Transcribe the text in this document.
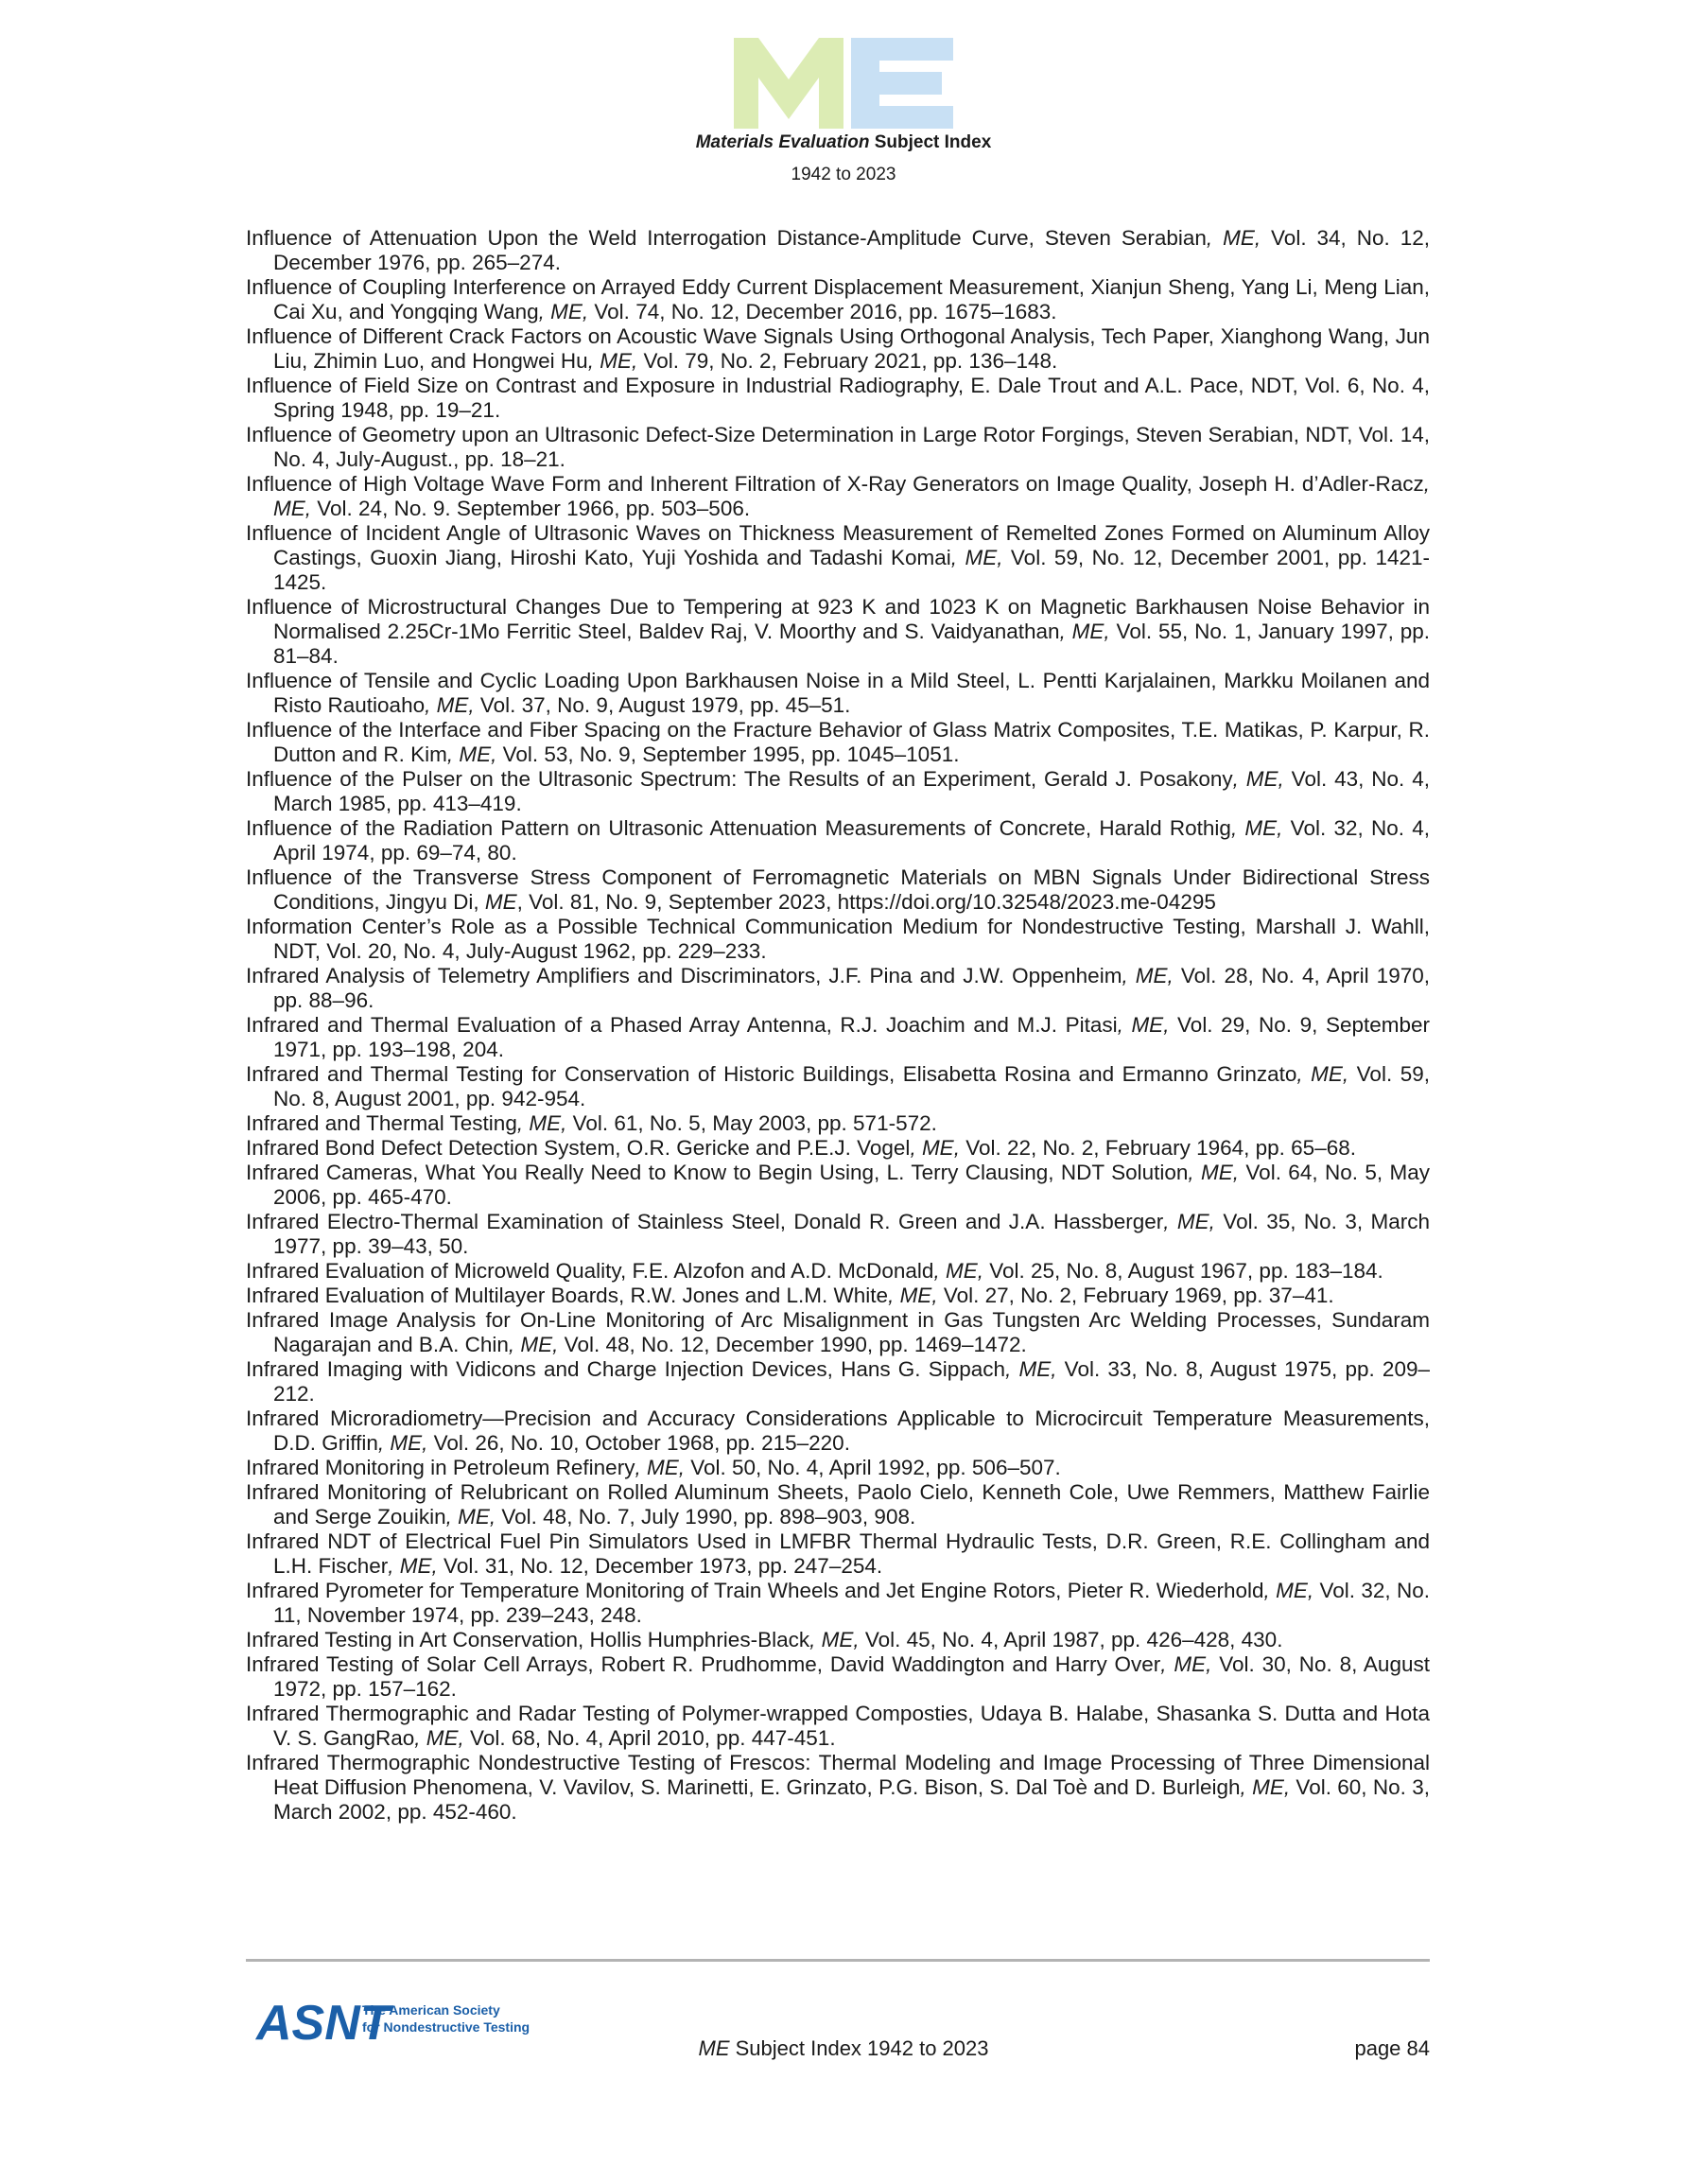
Materials Evaluation Subject Index
1942 to 2023
Influence of Attenuation Upon the Weld Interrogation Distance-Amplitude Curve, Steven Serabian, ME, Vol. 34, No. 12, December 1976, pp. 265–274.
Influence of Coupling Interference on Arrayed Eddy Current Displacement Measurement, Xianjun Sheng, Yang Li, Meng Lian, Cai Xu, and Yongqing Wang, ME, Vol. 74, No. 12, December 2016, pp. 1675–1683.
Influence of Different Crack Factors on Acoustic Wave Signals Using Orthogonal Analysis, Tech Paper, Xianghong Wang, Jun Liu, Zhimin Luo, and Hongwei Hu, ME, Vol. 79, No. 2, February 2021, pp. 136–148.
Influence of Field Size on Contrast and Exposure in Industrial Radiography, E. Dale Trout and A.L. Pace, NDT, Vol. 6, No. 4, Spring 1948, pp. 19–21.
Influence of Geometry upon an Ultrasonic Defect-Size Determination in Large Rotor Forgings, Steven Serabian, NDT, Vol. 14, No. 4, July-August., pp. 18–21.
Influence of High Voltage Wave Form and Inherent Filtration of X-Ray Generators on Image Quality, Joseph H. d’Adler-Racz, ME, Vol. 24, No. 9. September 1966, pp. 503–506.
Influence of Incident Angle of Ultrasonic Waves on Thickness Measurement of Remelted Zones Formed on Aluminum Alloy Castings, Guoxin Jiang, Hiroshi Kato, Yuji Yoshida and Tadashi Komai, ME, Vol. 59, No. 12, December 2001, pp. 1421-1425.
Influence of Microstructural Changes Due to Tempering at 923 K and 1023 K on Magnetic Barkhausen Noise Behavior in Normalised 2.25Cr-1Mo Ferritic Steel, Baldev Raj, V. Moorthy and S. Vaidyanathan, ME, Vol. 55, No. 1, January 1997, pp. 81–84.
Influence of Tensile and Cyclic Loading Upon Barkhausen Noise in a Mild Steel, L. Pentti Karjalainen, Markku Moilanen and Risto Rautioaho, ME, Vol. 37, No. 9, August 1979, pp. 45–51.
Influence of the Interface and Fiber Spacing on the Fracture Behavior of Glass Matrix Composites, T.E. Matikas, P. Karpur, R. Dutton and R. Kim, ME, Vol. 53, No. 9, September 1995, pp. 1045–1051.
Influence of the Pulser on the Ultrasonic Spectrum: The Results of an Experiment, Gerald J. Posakony, ME, Vol. 43, No. 4, March 1985, pp. 413–419.
Influence of the Radiation Pattern on Ultrasonic Attenuation Measurements of Concrete, Harald Rothig, ME, Vol. 32, No. 4, April 1974, pp. 69–74, 80.
Influence of the Transverse Stress Component of Ferromagnetic Materials on MBN Signals Under Bidirectional Stress Conditions, Jingyu Di, ME, Vol. 81, No. 9, September 2023, https://doi.org/10.32548/2023.me-04295
Information Center’s Role as a Possible Technical Communication Medium for Nondestructive Testing, Marshall J. Wahll, NDT, Vol. 20, No. 4, July-August 1962, pp. 229–233.
Infrared Analysis of Telemetry Amplifiers and Discriminators, J.F. Pina and J.W. Oppenheim, ME, Vol. 28, No. 4, April 1970, pp. 88–96.
Infrared and Thermal Evaluation of a Phased Array Antenna, R.J. Joachim and M.J. Pitasi, ME, Vol. 29, No. 9, September 1971, pp. 193–198, 204.
Infrared and Thermal Testing for Conservation of Historic Buildings, Elisabetta Rosina and Ermanno Grinzato, ME, Vol. 59, No. 8, August 2001, pp. 942-954.
Infrared and Thermal Testing, ME, Vol. 61, No. 5, May 2003, pp. 571-572.
Infrared Bond Defect Detection System, O.R. Gericke and P.E.J. Vogel, ME, Vol. 22, No. 2, February 1964, pp. 65–68.
Infrared Cameras, What You Really Need to Know to Begin Using, L. Terry Clausing, NDT Solution, ME, Vol. 64, No. 5, May 2006, pp. 465-470.
Infrared Electro-Thermal Examination of Stainless Steel, Donald R. Green and J.A. Hassberger, ME, Vol. 35, No. 3, March 1977, pp. 39–43, 50.
Infrared Evaluation of Microweld Quality, F.E. Alzofon and A.D. McDonald, ME, Vol. 25, No. 8, August 1967, pp. 183–184.
Infrared Evaluation of Multilayer Boards, R.W. Jones and L.M. White, ME, Vol. 27, No. 2, February 1969, pp. 37–41.
Infrared Image Analysis for On-Line Monitoring of Arc Misalignment in Gas Tungsten Arc Welding Processes, Sundaram Nagarajan and B.A. Chin, ME, Vol. 48, No. 12, December 1990, pp. 1469–1472.
Infrared Imaging with Vidicons and Charge Injection Devices, Hans G. Sippach, ME, Vol. 33, No. 8, August 1975, pp. 209–212.
Infrared Microradiometry—Precision and Accuracy Considerations Applicable to Microcircuit Temperature Measurements, D.D. Griffin, ME, Vol. 26, No. 10, October 1968, pp. 215–220.
Infrared Monitoring in Petroleum Refinery, ME, Vol. 50, No. 4, April 1992, pp. 506–507.
Infrared Monitoring of Relubricant on Rolled Aluminum Sheets, Paolo Cielo, Kenneth Cole, Uwe Remmers, Matthew Fairlie and Serge Zouikin, ME, Vol. 48, No. 7, July 1990, pp. 898–903, 908.
Infrared NDT of Electrical Fuel Pin Simulators Used in LMFBR Thermal Hydraulic Tests, D.R. Green, R.E. Collingham and L.H. Fischer, ME, Vol. 31, No. 12, December 1973, pp. 247–254.
Infrared Pyrometer for Temperature Monitoring of Train Wheels and Jet Engine Rotors, Pieter R. Wiederhold, ME, Vol. 32, No. 11, November 1974, pp. 239–243, 248.
Infrared Testing in Art Conservation, Hollis Humphries-Black, ME, Vol. 45, No. 4, April 1987, pp. 426–428, 430.
Infrared Testing of Solar Cell Arrays, Robert R. Prudhomme, David Waddington and Harry Over, ME, Vol. 30, No. 8, August 1972, pp. 157–162.
Infrared Thermographic and Radar Testing of Polymer-wrapped Composties, Udaya B. Halabe, Shasanka S. Dutta and Hota V. S. GangRao, ME, Vol. 68, No. 4, April 2010, pp. 447-451.
Infrared Thermographic Nondestructive Testing of Frescos: Thermal Modeling and Image Processing of Three Dimensional Heat Diffusion Phenomena, V. Vavilov, S. Marinetti, E. Grinzato, P.G. Bison, S. Dal Toè and D. Burleigh, ME, Vol. 60, No. 3, March 2002, pp. 452-460.
ASNT
The American Society
for Nondestructive Testing
ME Subject Index 1942 to 2023	page 84
